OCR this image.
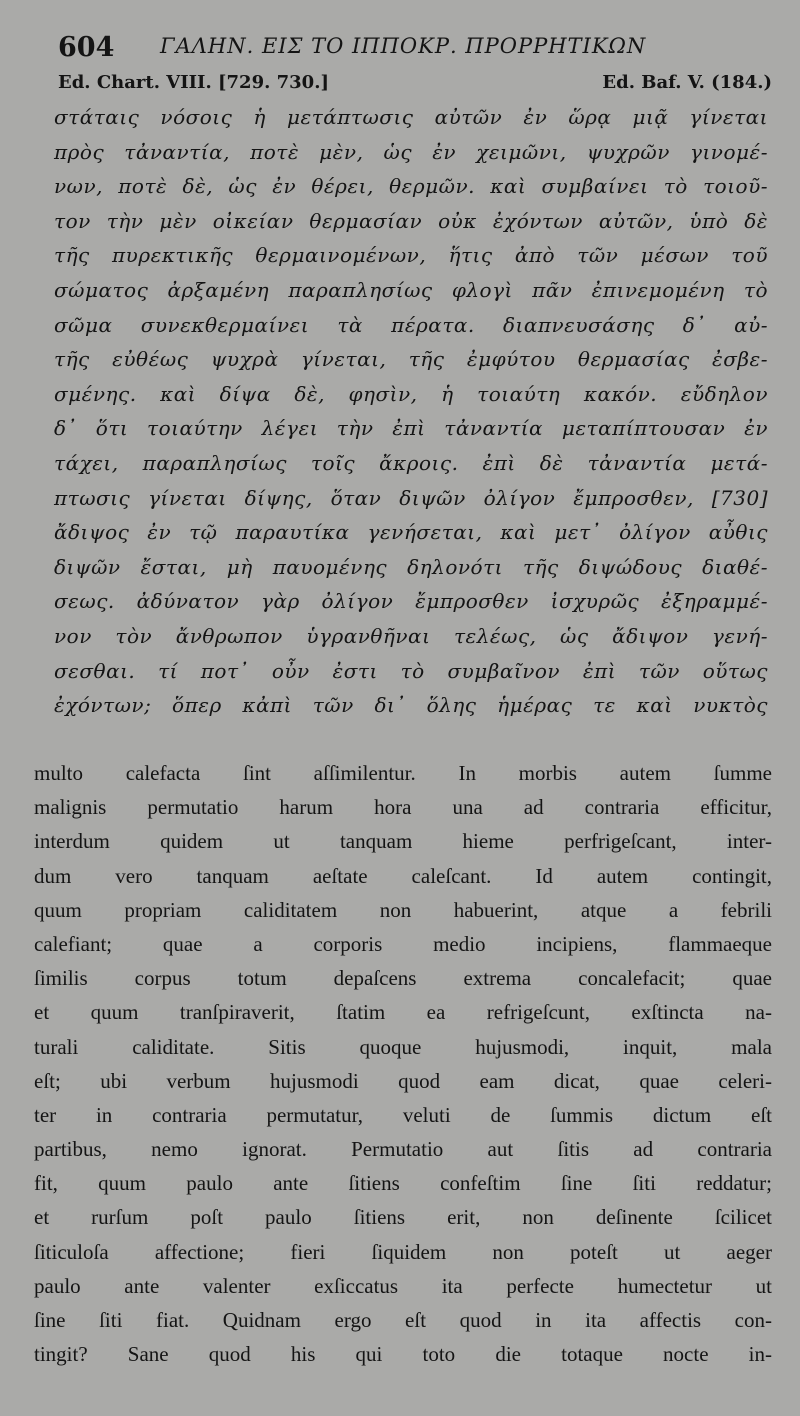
604 ΓΑΛΗΝ. ΕΙΣ ΤΟ ΙΠΠΟΚΡ. ΠΡΟΡΡΗΤΙΚΩΝ
Ed. Chart. VIII. [729. 730.]	Ed. Baf. V. (184.)
στάταις νόσοις ἡ μετάπτωσις αὐτῶν ἐν ὥρᾳ μιᾷ γίνεται
πρὸς τἀναντία, ποτὲ μὲν, ὡς ἐν χειμῶνι, ψυχρῶν γινομέ-
νων, ποτὲ δὲ, ὡς ἐν θέρει, θερμῶν. καὶ συμβαίνει τὸ τοιοῦ-
τον τὴν μὲν οἰκείαν θερμασίαν οὐκ ἐχόντων αὐτῶν, ὑπὸ δὲ
τῆς πυρεκτικῆς θερμαινομένων, ἥτις ἀπὸ τῶν μέσων τοῦ
σώματος ἀρξαμένη παραπλησίως φλογὶ πᾶν ἐπινεμομένη τὸ
σῶμα συνεκθερμαίνει τὰ πέρατα. διαπνευσάσης δ᾽ αὐ-
τῆς εὐθέως ψυχρὰ γίνεται, τῆς ἐμφύτου θερμασίας ἐσβε-
σμένης. καὶ δίψα δὲ, φησὶν, ἡ τοιαύτη κακόν. εὔδηλον
δ᾽ ὅτι τοιαύτην λέγει τὴν ἐπὶ τἀναντία μεταπίπτουσαν ἐν
τάχει, παραπλησίως τοῖς ἄκροις. ἐπὶ δὲ τἀναντία μετά-
πτωσις γίνεται δίψης, ὅταν διψῶν ὀλίγον ἔμπροσθεν, [730]
ἄδιψος ἐν τῷ παραυτίκα γενήσεται, καὶ μετ᾽ ὀλίγον αὖθις
διψῶν ἔσται, μὴ παυομένης δηλονότι τῆς διψώδους διαθέ-
σεως. ἀδύνατον γὰρ ὀλίγον ἔμπροσθεν ἰσχυρῶς ἐξηραμμέ-
νον τὸν ἄνθρωπον ὑγρανθῆναι τελέως, ὡς ἄδιψον γενή-
σεσθαι. τί ποτ᾽ οὖν ἐστι τὸ συμβαῖνον ἐπὶ τῶν οὕτως
ἐχόντων; ὅπερ κἀπὶ τῶν δι᾽ ὅλης ἡμέρας τε καὶ νυκτὸς
multo calefacta ſint aſſimilentur. In morbis autem ſumme
malignis permutatio harum hora una ad contraria efficitur,
interdum quidem ut tanquam hieme perfrigeſcant, inter-
dum vero tanquam aeſtate caleſcant. Id autem contingit,
quum propriam caliditatem non habuerint, atque a febrili
calefiant; quae a corporis medio incipiens, flammaeque
ſimilis corpus totum depaſcens extrema concalefacit; quae
et quum tranſpiraverit, ſtatim ea refrigeſcunt, exſtincta na-
turali caliditate. Sitis quoque hujusmodi, inquit, mala
eſt; ubi verbum hujusmodi quod eam dicat, quae celeri-
ter in contraria permutatur, veluti de ſummis dictum eſt
partibus, nemo ignorat. Permutatio aut ſitis ad contraria
fit, quum paulo ante ſitiens confeſtim ſine ſiti reddatur;
et rurſum poſt paulo ſitiens erit, non deſinente ſcilicet
ſiticuloſa affectione; fieri ſiquidem non poteſt ut aeger
paulo ante valenter exſiccatus ita perfecte humectetur ut
ſine ſiti fiat. Quidnam ergo eſt quod in ita affectis con-
tingit? Sane quod his qui toto die totaque nocte in-
